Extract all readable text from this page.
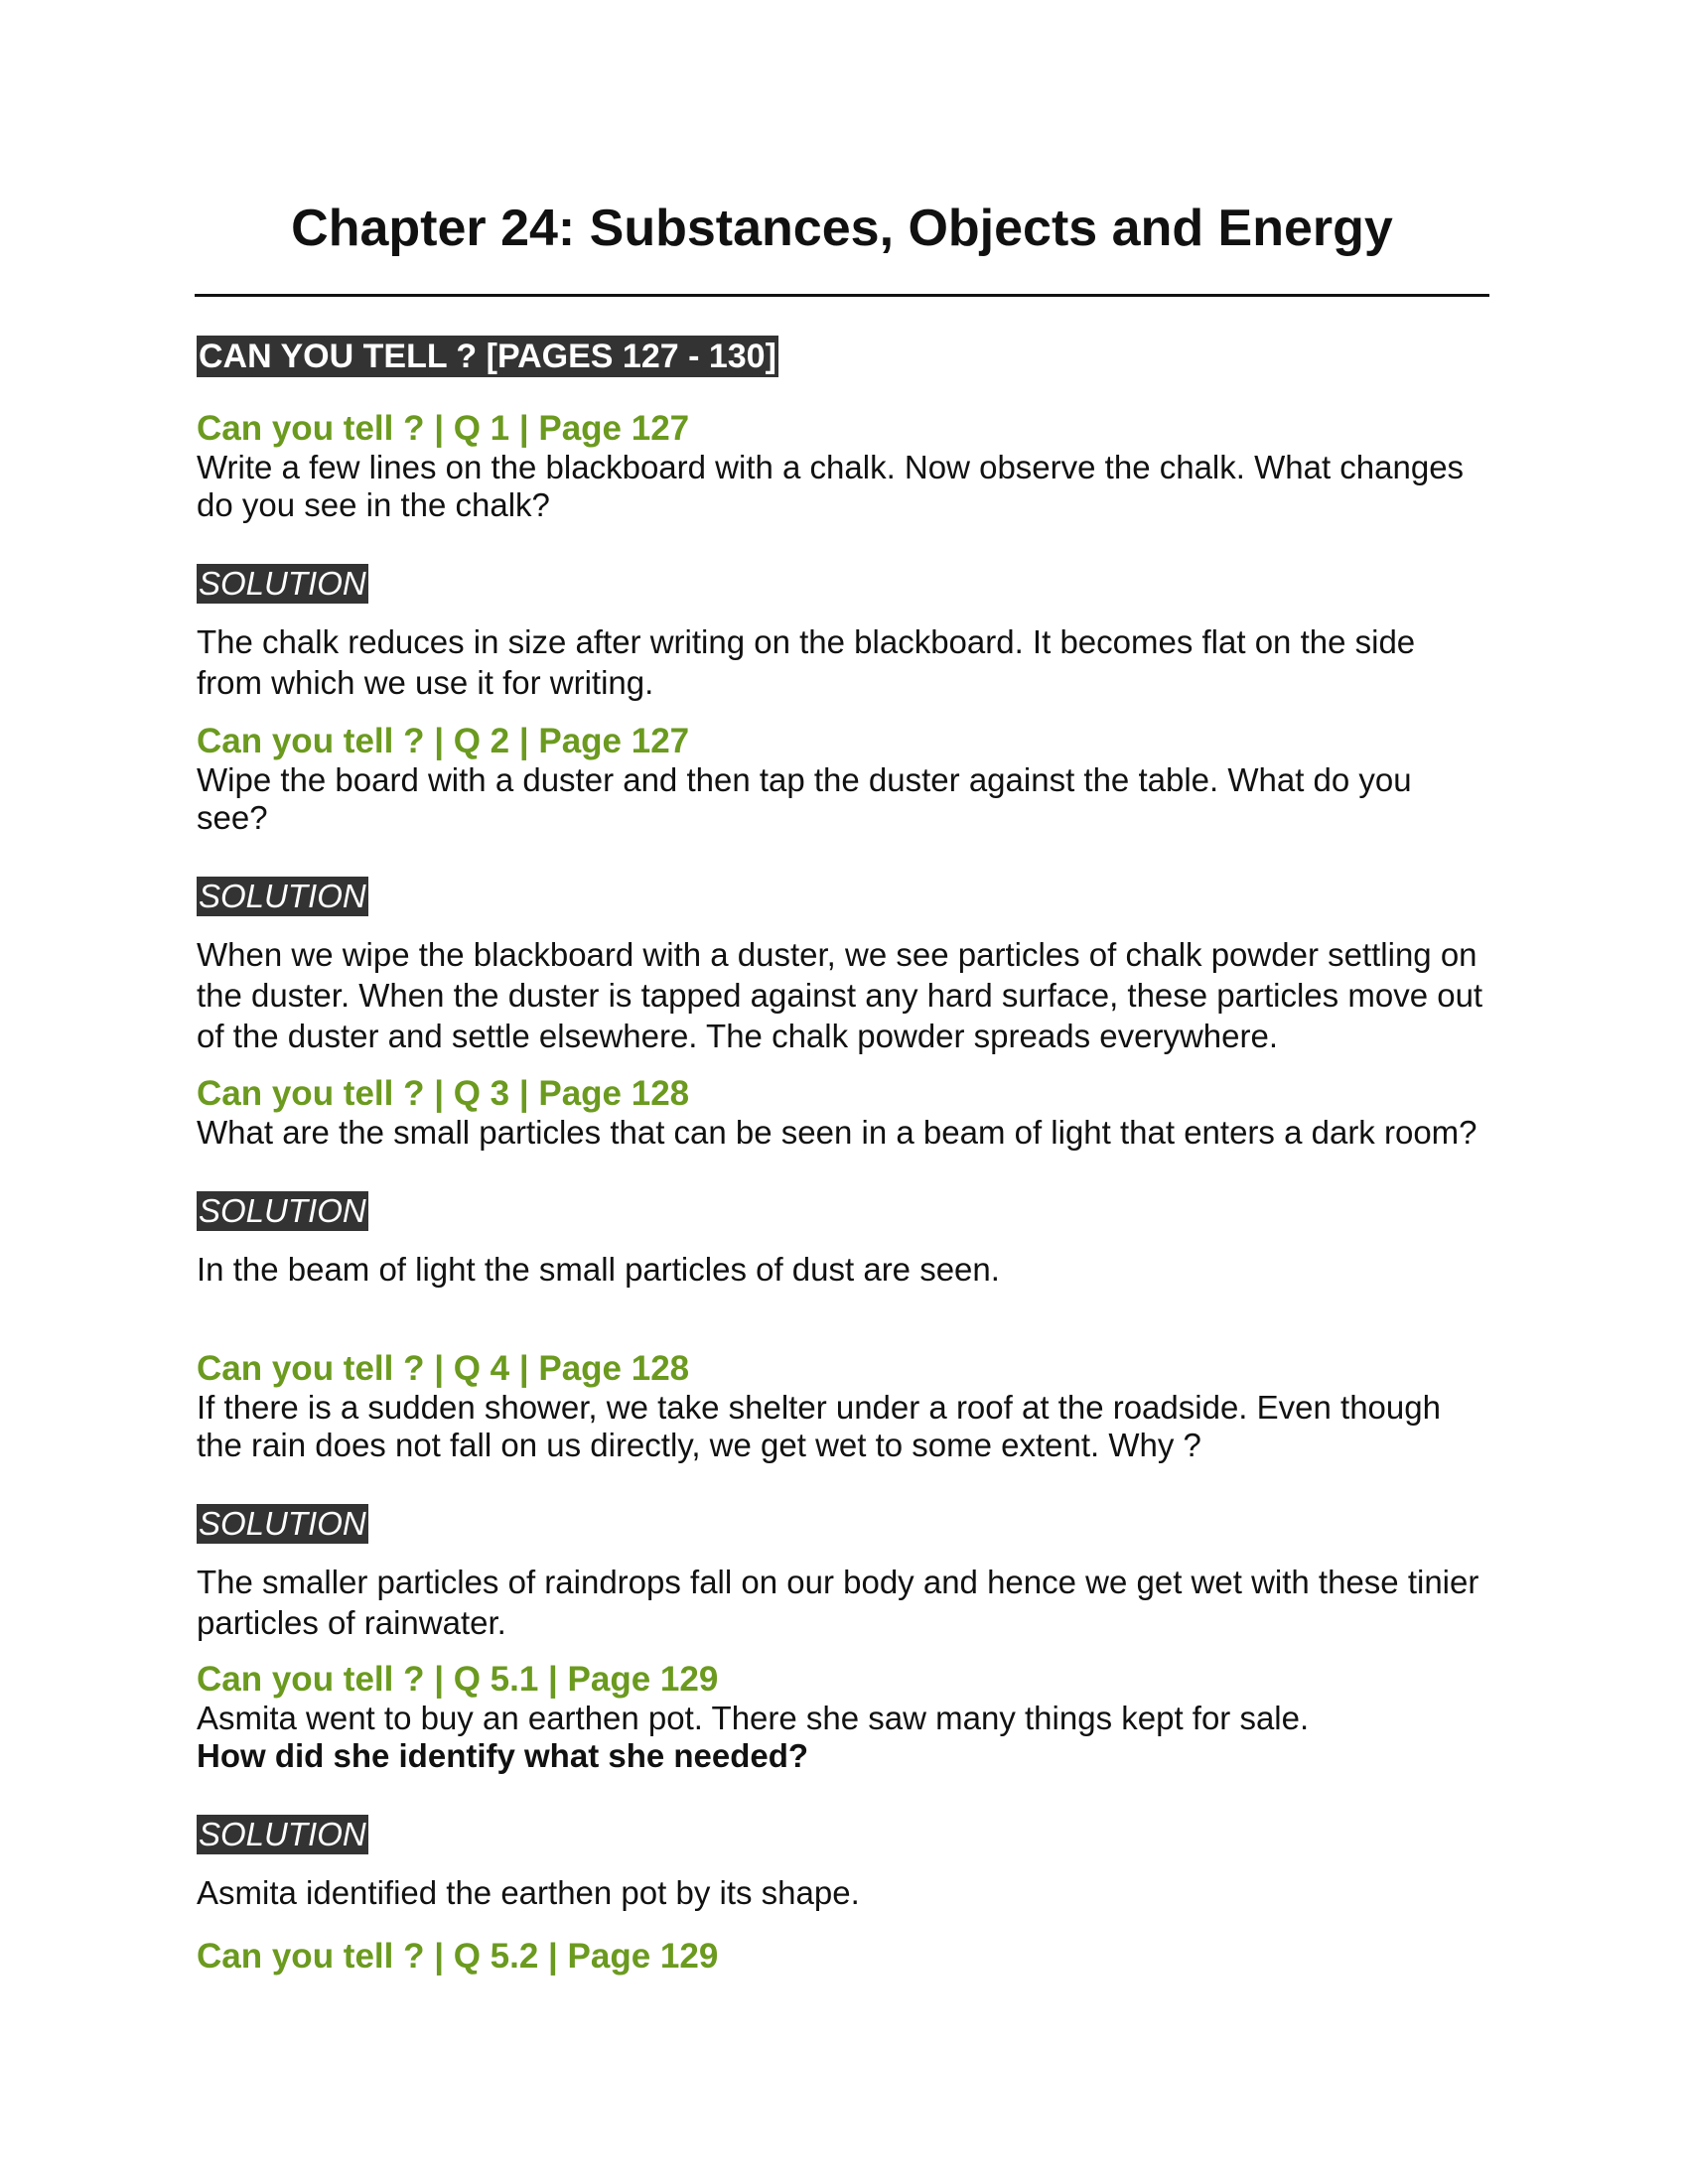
Chapter 24: Substances, Objects and Energy
CAN YOU TELL ? [PAGES 127 - 130]

Can you tell ? | Q 1 | Page 127

Write a few lines on the blackboard with a chalk. Now observe the chalk. What changes do you see in the chalk?

SOLUTION

The chalk reduces in size after writing on the blackboard. It becomes flat on the side from which we use it for writing.

Can you tell ? | Q 2 | Page 127

Wipe the board with a duster and then tap the duster against the table. What do you see?

SOLUTION

When we wipe the blackboard with a duster, we see particles of chalk powder settling on the duster. When the duster is tapped against any hard surface, these particles move out of the duster and settle elsewhere. The chalk powder spreads everywhere.

Can you tell ? | Q 3 | Page 128

What are the small particles that can be seen in a beam of light that enters a dark room?

SOLUTION

In the beam of light the small particles of dust are seen.

Can you tell ? | Q 4 | Page 128

If there is a sudden shower, we take shelter under a roof at the roadside. Even though the rain does not fall on us directly, we get wet to some extent. Why ?

SOLUTION

The smaller particles of raindrops fall on our body and hence we get wet with these tinier particles of rainwater.

Can you tell ? | Q 5.1 | Page 129

Asmita went to buy an earthen pot. There she saw many things kept for sale.

How did she identify what she needed?

SOLUTION

Asmita identified the earthen pot by its shape.

Can you tell ? | Q 5.2 | Page 129
